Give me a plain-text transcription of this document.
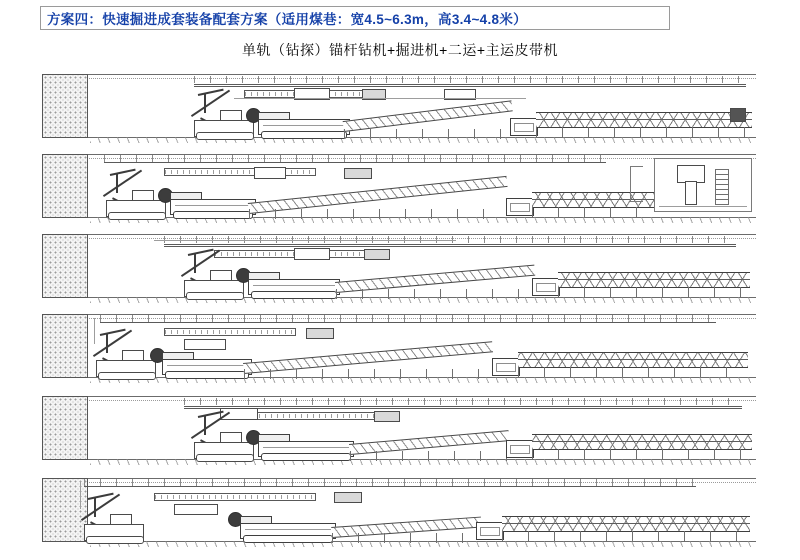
方案四：快速掘进成套装备配套方案（适用煤巷：宽4.5~6.3m，高3.4~4.8米）
单轨（钻探）锚杆钻机+掘进机+二运+主运皮带机
